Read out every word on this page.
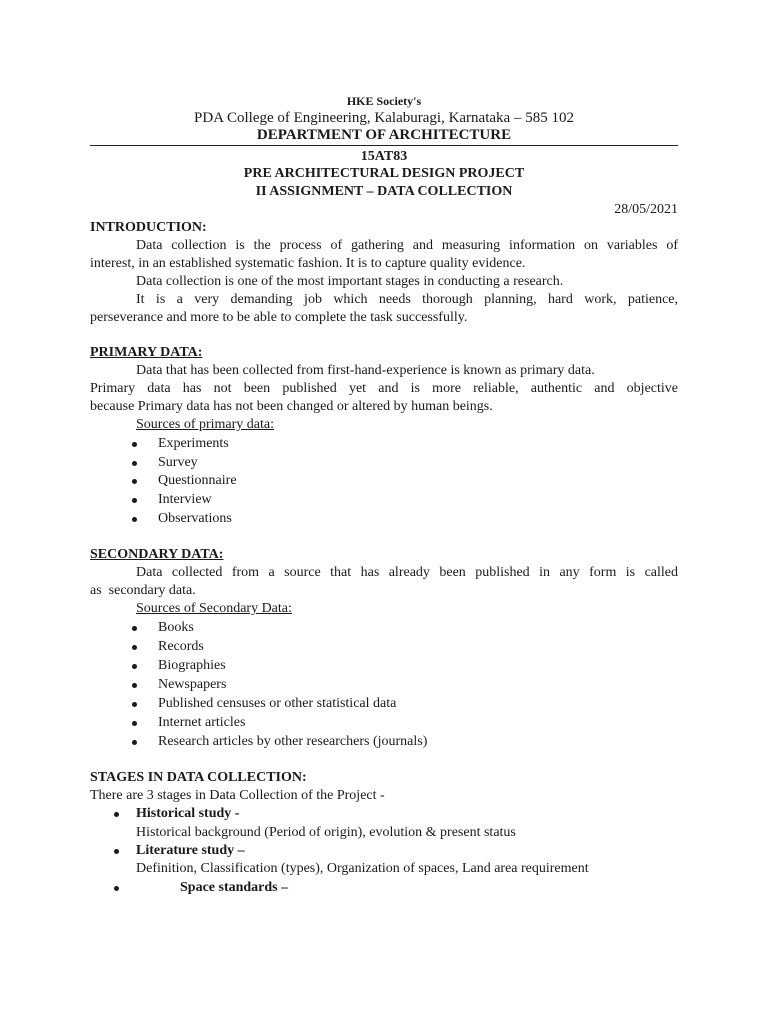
HKE Society's
PDA College of Engineering, Kalaburagi, Karnataka – 585 102
DEPARTMENT OF ARCHITECTURE
15AT83
PRE ARCHITECTURAL DESIGN PROJECT
II ASSIGNMENT – DATA COLLECTION
28/05/2021
INTRODUCTION:
Data collection is the process of gathering and measuring information on variables of
interest, in an established systematic fashion. It is to capture quality evidence.
Data collection is one of the most important stages in conducting a research.
It is a very demanding job which needs thorough planning, hard work, patience,
perseverance and more to be able to complete the task successfully.
PRIMARY DATA:
Data that has been collected from first-hand-experience is known as primary data.
Primary data has not been published yet and is more reliable, authentic and objective
because Primary data has not been changed or altered by human beings.
Sources of primary data:
Experiments
Survey
Questionnaire
Interview
Observations
SECONDARY DATA:
Data collected from a source that has already been published in any form is called
as  secondary data.
Sources of Secondary Data:
Books
Records
Biographies
Newspapers
Published censuses or other statistical data
Internet articles
Research articles by other researchers (journals)
STAGES IN DATA COLLECTION:
There are 3 stages in Data Collection of the Project -
Historical study -
Historical background (Period of origin), evolution & present status
Literature study –
Definition, Classification (types), Organization of spaces, Land area requirement
Space standards –
